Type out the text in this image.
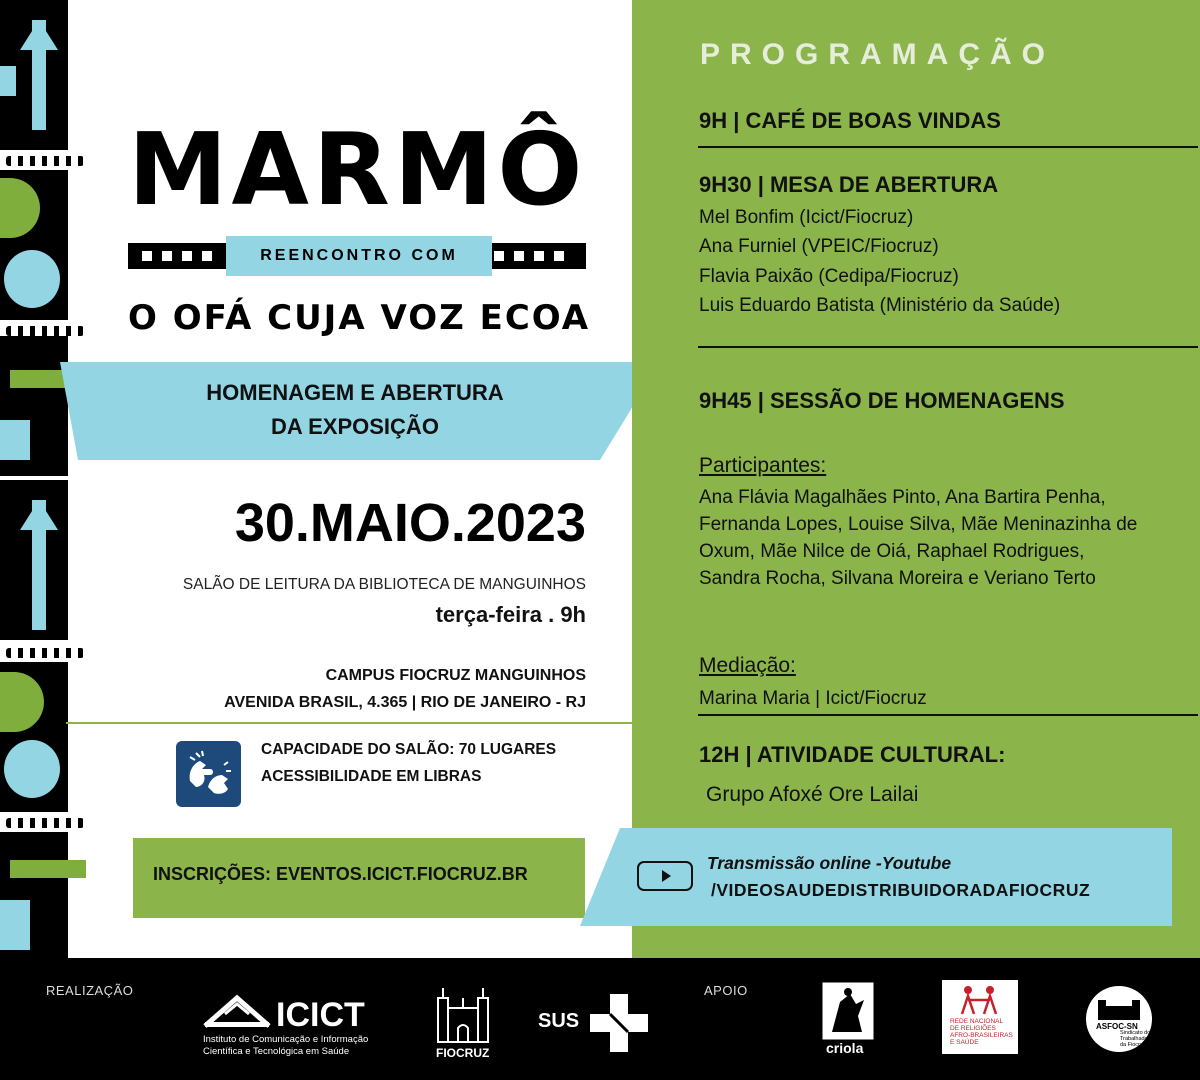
MARMÔ
REENCONTRO COM
O OFÁ CUJA VOZ ECOA
HOMENAGEM E ABERTURA
DA EXPOSIÇÃO
30.MAIO.2023
SALÃO DE LEITURA DA BIBLIOTECA DE MANGUINHOS
terça-feira . 9h
CAMPUS FIOCRUZ MANGUINHOS
AVENIDA BRASIL, 4.365 | RIO DE JANEIRO - RJ
CAPACIDADE DO SALÃO: 70 LUGARES
ACESSIBILIDADE EM LIBRAS
INSCRIÇÕES: EVENTOS.ICICT.FIOCRUZ.BR
PROGRAMAÇÃO
9H | CAFÉ DE BOAS VINDAS
9H30 | MESA DE ABERTURA
Mel Bonfim (Icict/Fiocruz)
Ana Furniel (VPEIC/Fiocruz)
Flavia Paixão (Cedipa/Fiocruz)
Luis Eduardo Batista (Ministério da Saúde)
9H45 | SESSÃO DE HOMENAGENS
Participantes:
Ana Flávia Magalhães Pinto, Ana Bartira Penha, Fernanda Lopes, Louise Silva, Mãe Meninazinha de Oxum, Mãe Nilce de Oiá, Raphael Rodrigues, Sandra Rocha, Silvana Moreira e Veriano Terto
Mediação:
Marina Maria | Icict/Fiocruz
12H | ATIVIDADE CULTURAL:
Grupo Afoxé Ore Lailai
Transmissão online -Youtube
/VIDEOSAUDEDISTRIBUIDORADAFIOCRUZ
REALIZAÇÃO	APOIO
ICICT
Instituto de Comunicação e Informação
Científica e Tecnológica em Saúde	FIOCRUZ
SUS
criola
REDE NACIONAL
DE RELIGIÕES
AFRO-BRASILEIRAS
E SAÚDE
ASFOC-SN
Sindicato dos
Trabalhadores
da Fiocruz
